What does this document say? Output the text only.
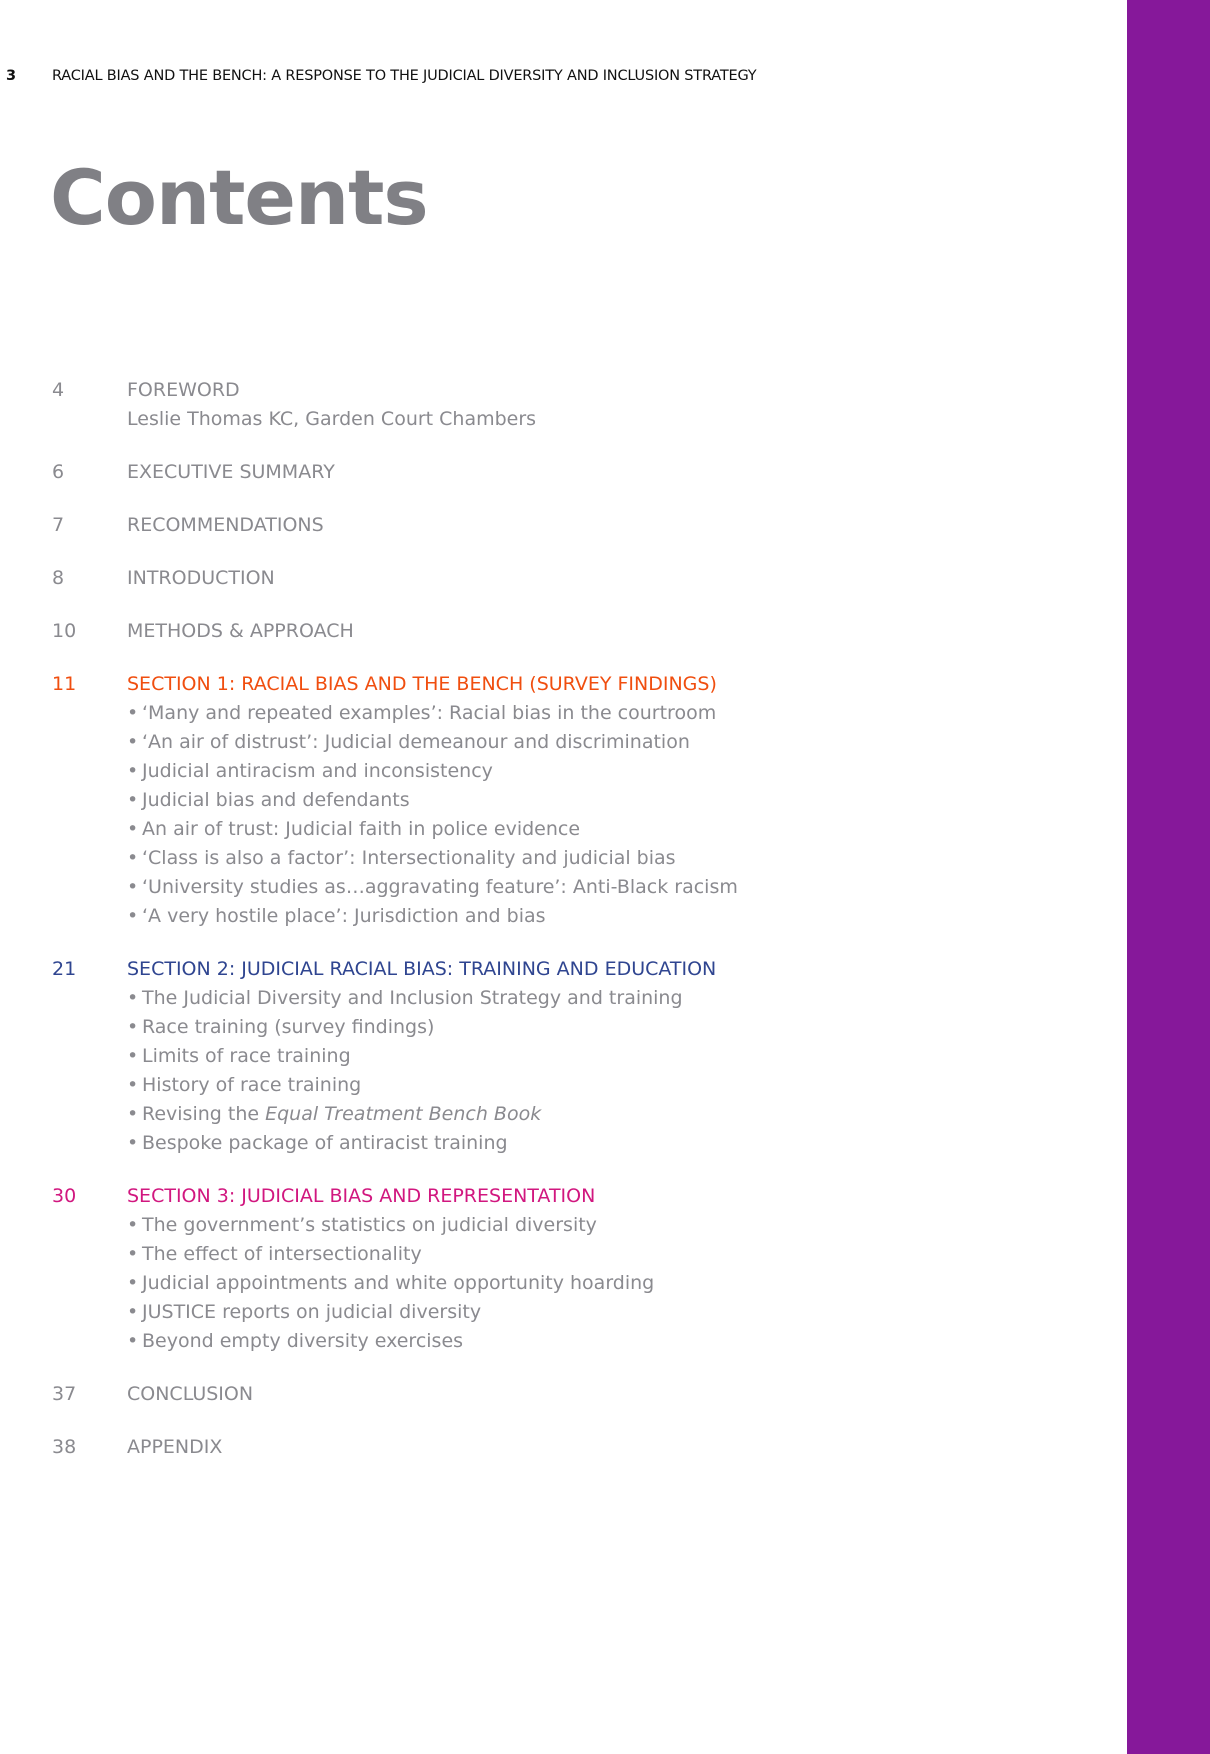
3 RACIAL BIAS AND THE BENCH: A RESPONSE TO THE JUDICIAL DIVERSITY AND INCLUSION STRATEGY
Contents
4	FOREWORD
Leslie Thomas KC, Garden Court Chambers
6	EXECUTIVE SUMMARY
7	RECOMMENDATIONS
8	INTRODUCTION
10	METHODS & APPROACH
11	SECTION 1: RACIAL BIAS AND THE BENCH (SURVEY FINDINGS)
• ‘Many and repeated examples’: Racial bias in the courtroom
• ‘An air of distrust’: Judicial demeanour and discrimination
• Judicial antiracism and inconsistency
• Judicial bias and defendants
• An air of trust: Judicial faith in police evidence
• ‘Class is also a factor’: Intersectionality and judicial bias
• ‘University studies as…aggravating feature’: Anti-Black racism
• ‘A very hostile place’: Jurisdiction and bias
21	SECTION 2: JUDICIAL RACIAL BIAS: TRAINING AND EDUCATION
• The Judicial Diversity and Inclusion Strategy and training
• Race training (survey findings)
• Limits of race training
• History of race training
• Revising the Equal Treatment Bench Book
• Bespoke package of antiracist training
30	SECTION 3: JUDICIAL BIAS AND REPRESENTATION
• The government’s statistics on judicial diversity
• The effect of intersectionality
• Judicial appointments and white opportunity hoarding
• JUSTICE reports on judicial diversity
• Beyond empty diversity exercises
37	CONCLUSION
38	APPENDIX
